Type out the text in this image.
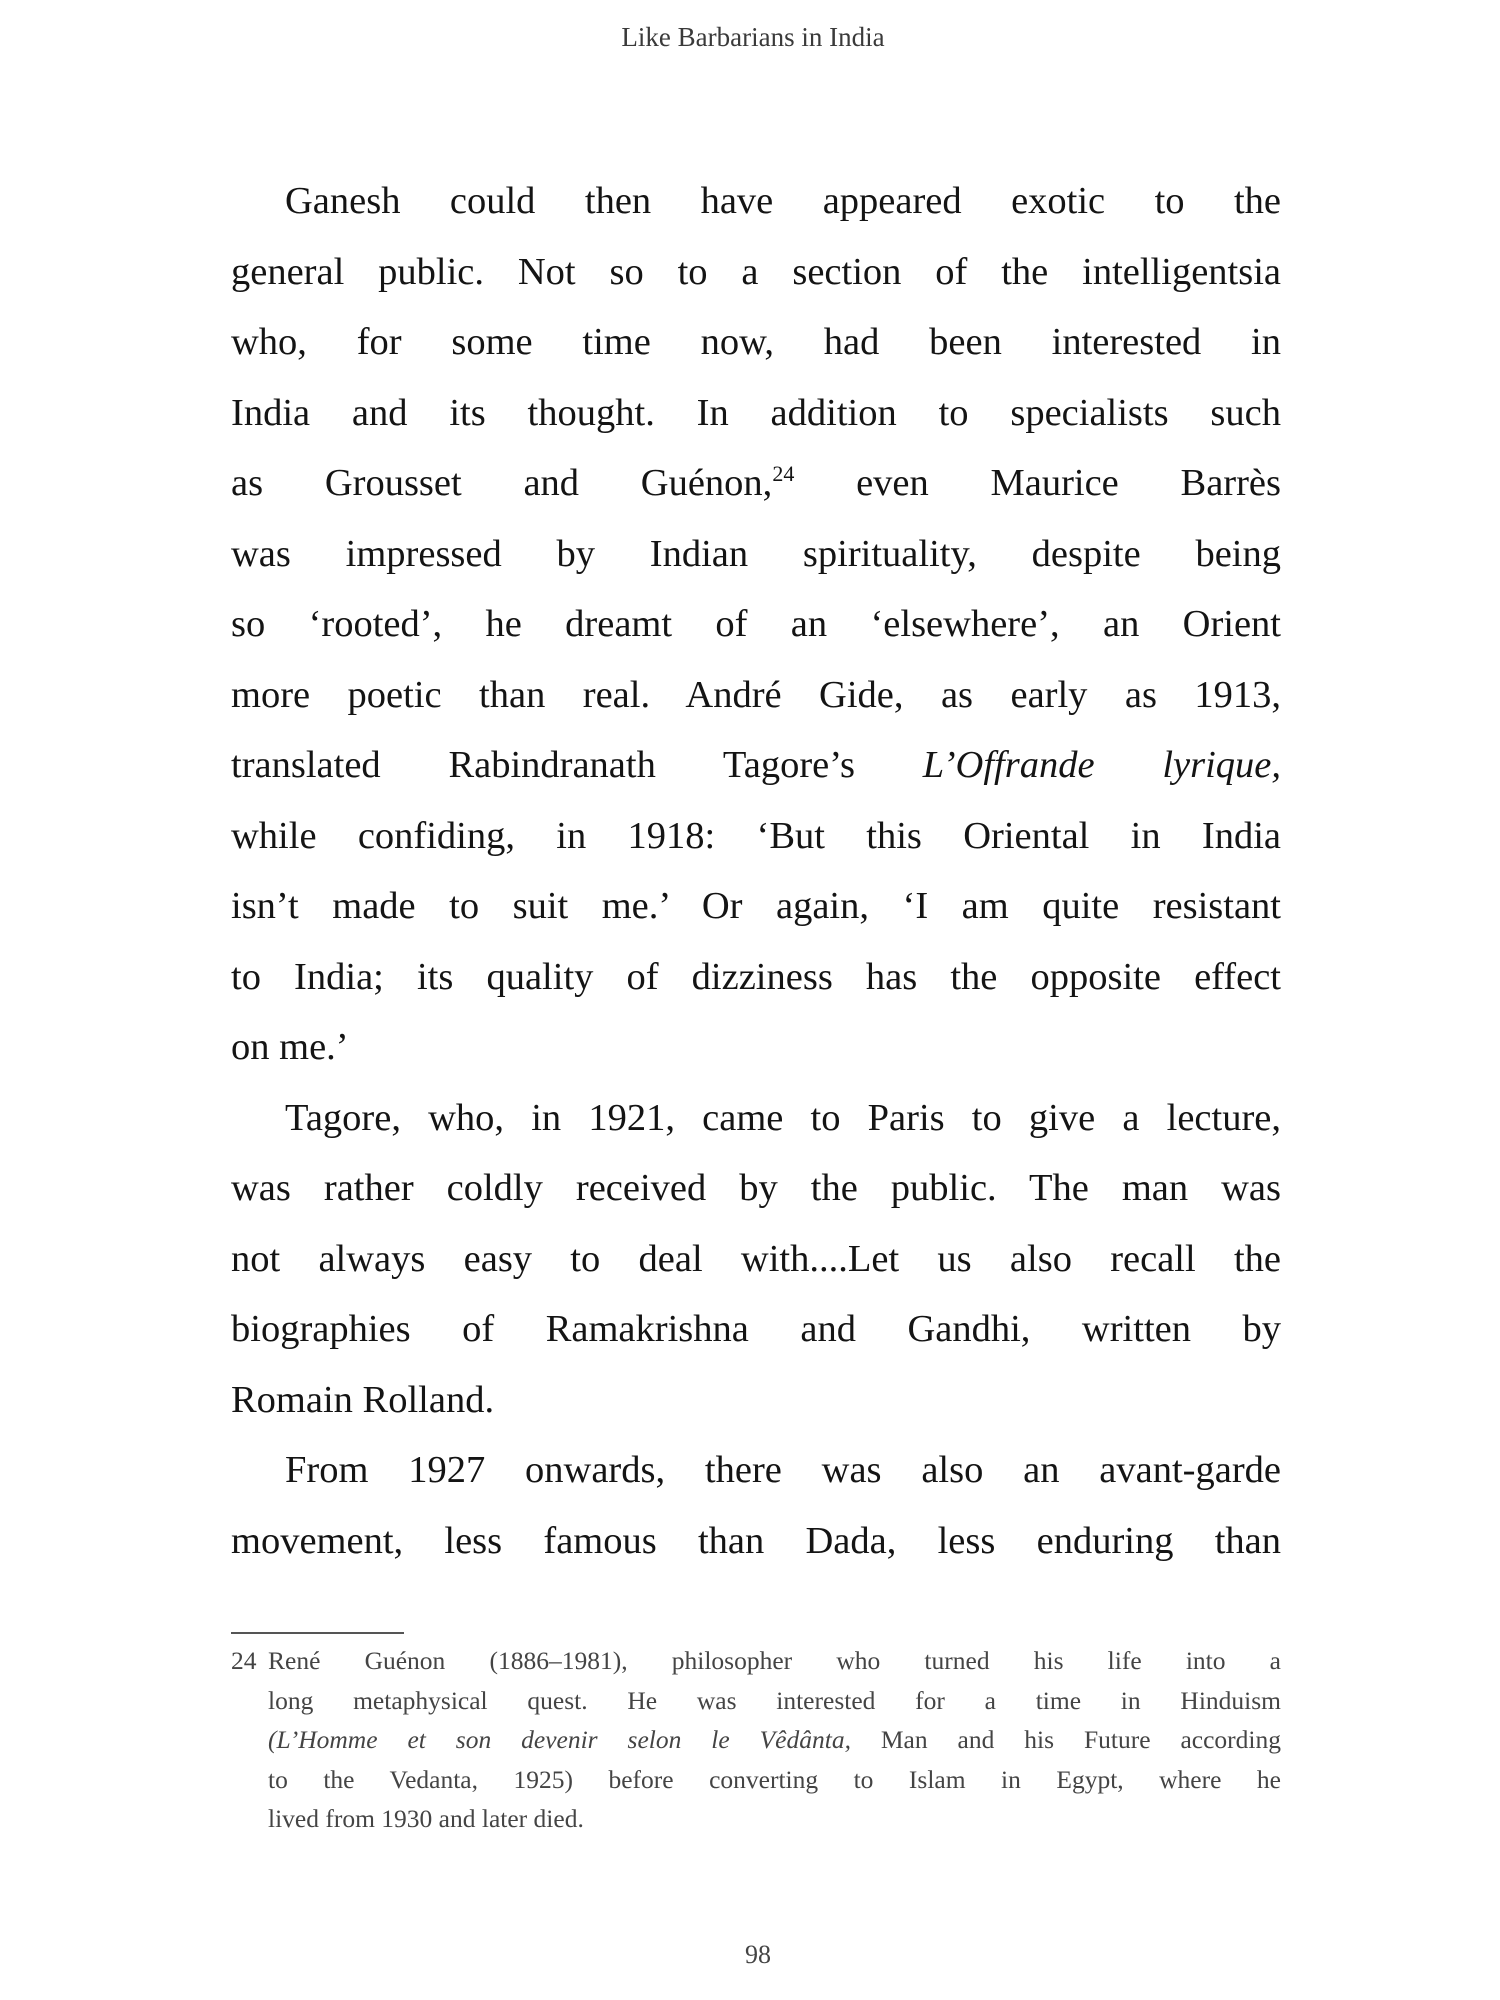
Like Barbarians in India
Ganesh could then have appeared exotic to the
general public. Not so to a section of the intelligentsia
who, for some time now, had been interested in
India and its thought. In addition to specialists such
as Grousset and Guénon,$^{24}$ even Maurice Barrès
was impressed by Indian spirituality, despite being
so ‘rooted’, he dreamt of an ‘elsewhere’, an Orient
more poetic than real. André Gide, as early as 1913,
translated Rabindranath Tagore’s L’Offrande lyrique,
while confiding, in 1918: ‘But this Oriental in India
isn’t made to suit me.’ Or again, ‘I am quite resistant
to India; its quality of dizziness has the opposite effect
on me.’
Tagore, who, in 1921, came to Paris to give a lecture,
was rather coldly received by the public. The man was
not always easy to deal with....Let us also recall the
biographies of Ramakrishna and Gandhi, written by
Romain Rolland.
From 1927 onwards, there was also an avant-garde
movement, less famous than Dada, less enduring than
24 René Guénon (1886–1981), philosopher who turned his life into a
long metaphysical quest. He was interested for a time in Hinduism
(L’Homme et son devenir selon le Vêdânta, Man and his Future according
to the Vedanta, 1925) before converting to Islam in Egypt, where he
lived from 1930 and later died.
98
